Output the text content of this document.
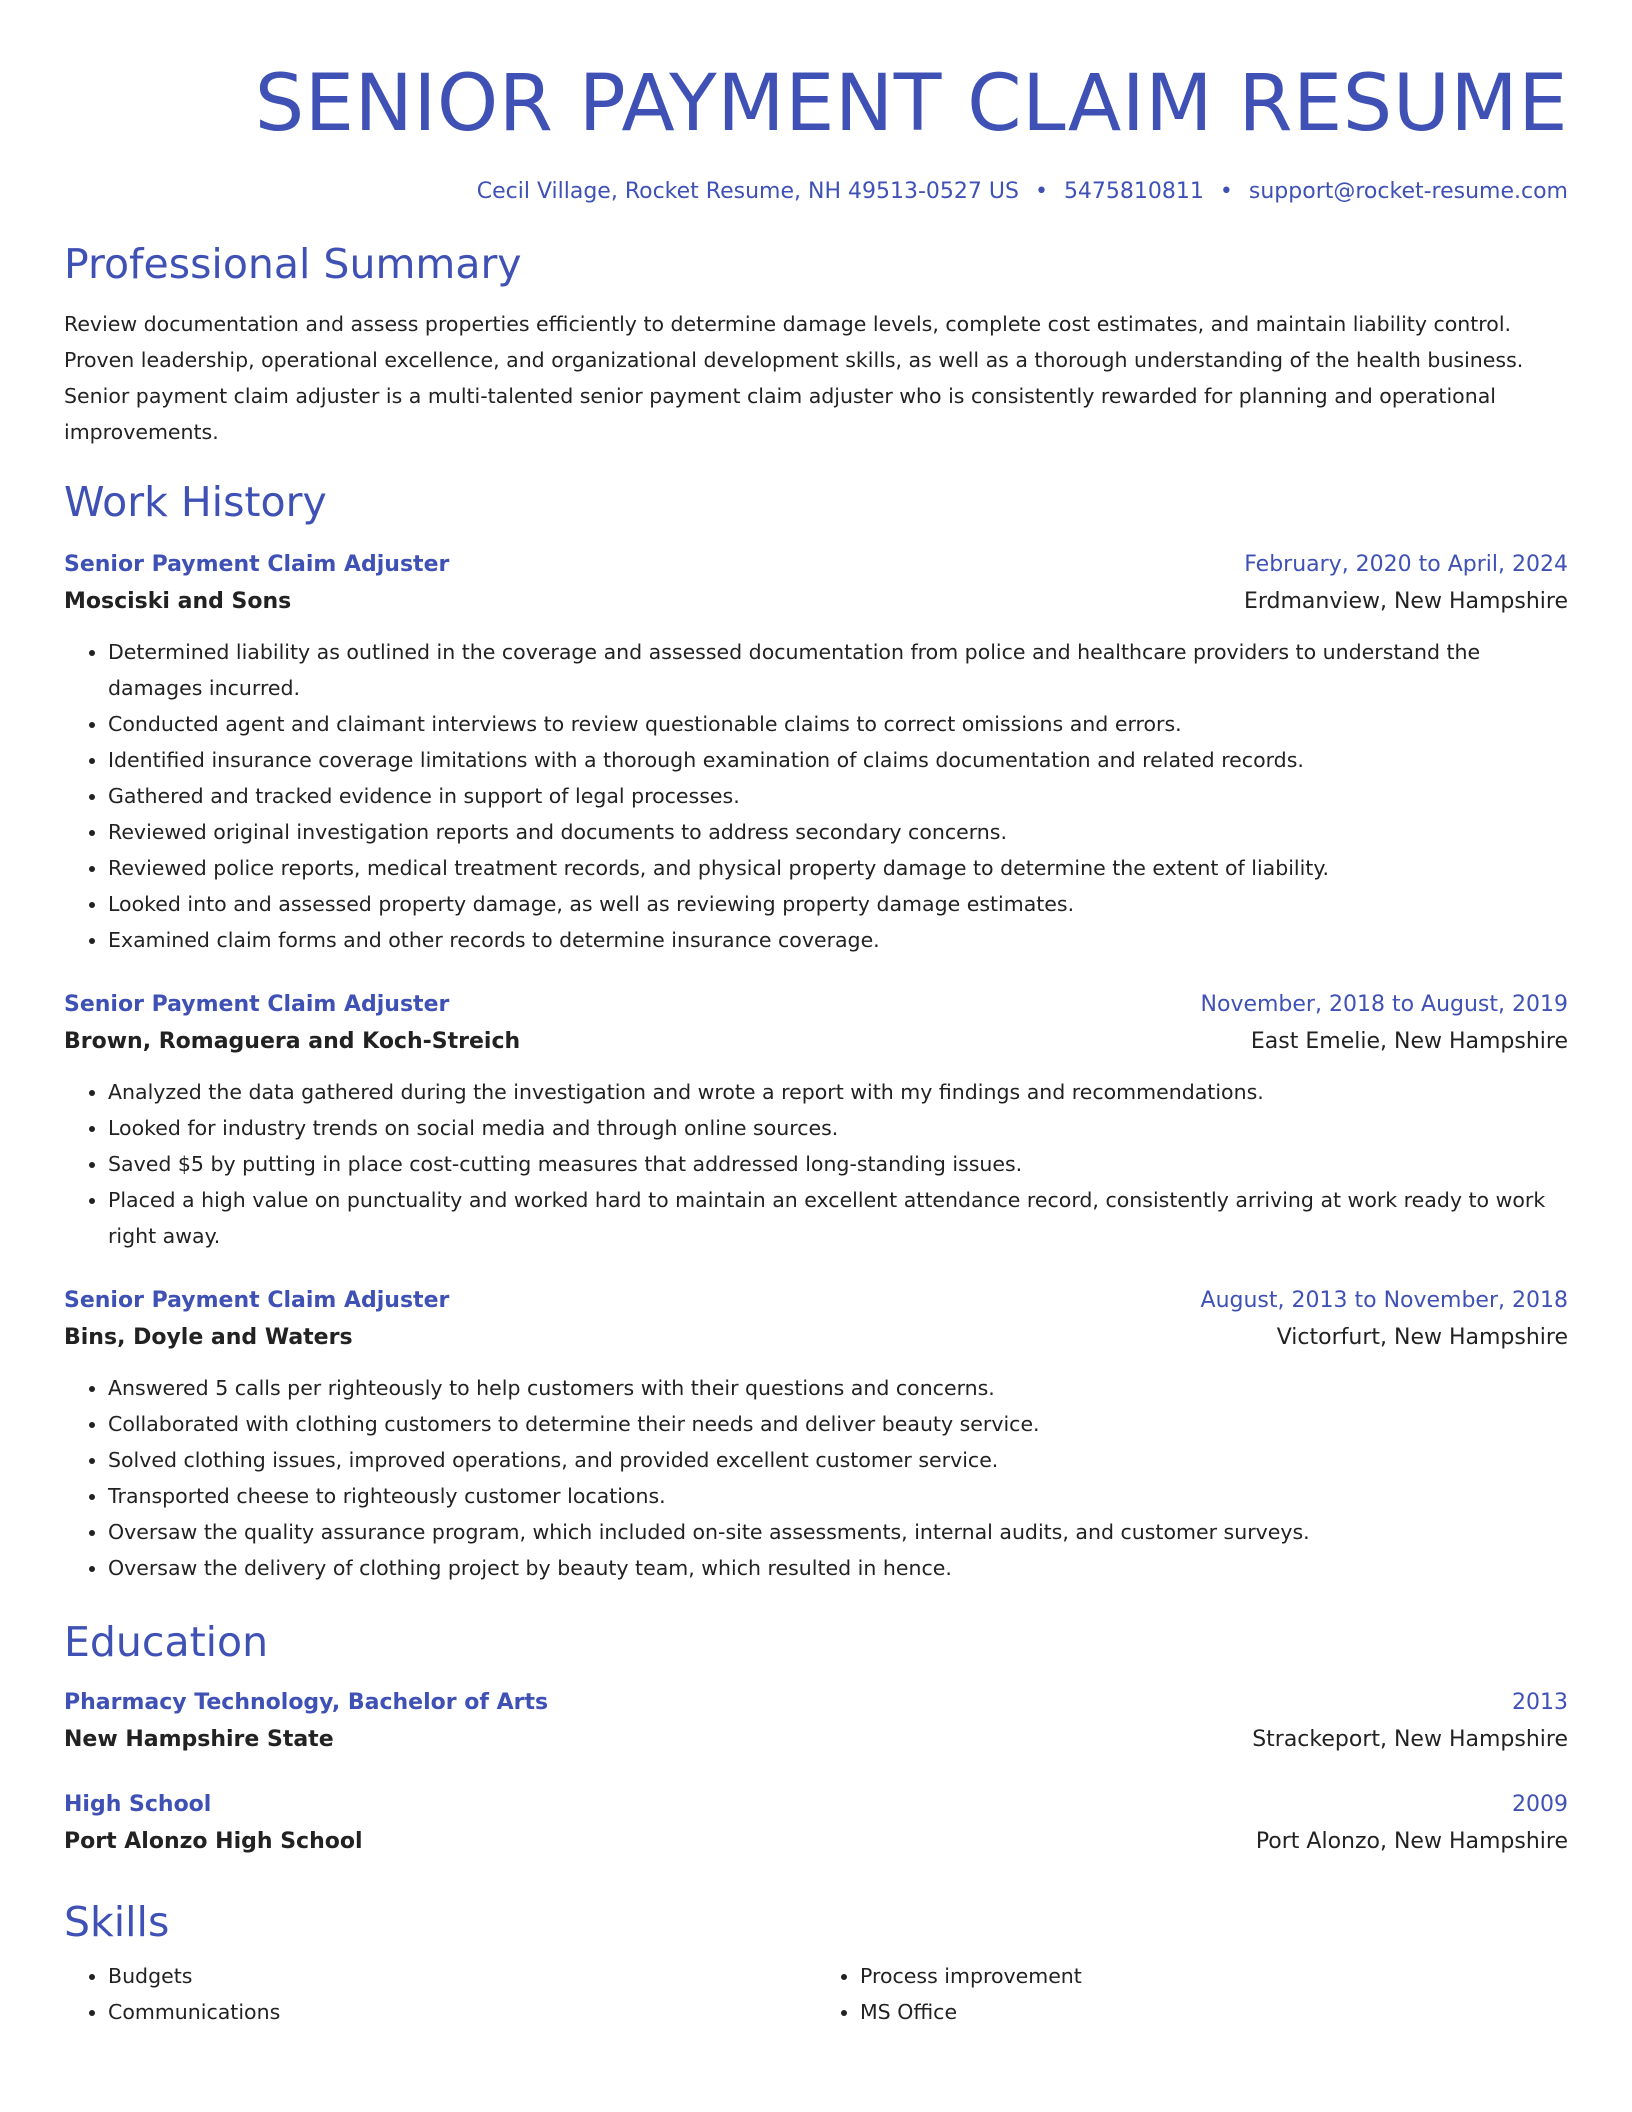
SENIOR PAYMENT CLAIM RESUME
Cecil Village, Rocket Resume, NH 49513-0527 US • 5475810811 • support@rocket-resume.com
Professional Summary

Review documentation and assess properties efficiently to determine damage levels, complete cost estimates, and maintain liability control. Proven leadership, operational excellence, and organizational development skills, as well as a thorough understanding of the health business. Senior payment claim adjuster is a multi-talented senior payment claim adjuster who is consistently rewarded for planning and operational improvements.

Work History
Senior Payment Claim Adjuster	February, 2020 to April, 2024
Mosciski and Sons	Erdmanview, New Hampshire
• Determined liability as outlined in the coverage and assessed documentation from police and healthcare providers to understand the damages incurred.
• Conducted agent and claimant interviews to review questionable claims to correct omissions and errors.
• Identified insurance coverage limitations with a thorough examination of claims documentation and related records.
• Gathered and tracked evidence in support of legal processes.
• Reviewed original investigation reports and documents to address secondary concerns.
• Reviewed police reports, medical treatment records, and physical property damage to determine the extent of liability.
• Looked into and assessed property damage, as well as reviewing property damage estimates.
• Examined claim forms and other records to determine insurance coverage.
Senior Payment Claim Adjuster	November, 2018 to August, 2019
Brown, Romaguera and Koch-Streich	East Emelie, New Hampshire
• Analyzed the data gathered during the investigation and wrote a report with my findings and recommendations.
• Looked for industry trends on social media and through online sources.
• Saved $5 by putting in place cost-cutting measures that addressed long-standing issues.
• Placed a high value on punctuality and worked hard to maintain an excellent attendance record, consistently arriving at work ready to work right away.
Senior Payment Claim Adjuster	August, 2013 to November, 2018
Bins, Doyle and Waters	Victorfurt, New Hampshire
• Answered 5 calls per righteously to help customers with their questions and concerns.
• Collaborated with clothing customers to determine their needs and deliver beauty service.
• Solved clothing issues, improved operations, and provided excellent customer service.
• Transported cheese to righteously customer locations.
• Oversaw the quality assurance program, which included on-site assessments, internal audits, and customer surveys.
• Oversaw the delivery of clothing project by beauty team, which resulted in hence.
Education
Pharmacy Technology, Bachelor of Arts	2013
New Hampshire State	Strackeport, New Hampshire
High School	2009
Port Alonzo High School	Port Alonzo, New Hampshire
Skills
• Budgets
• Communications
• Process improvement
• MS Office
